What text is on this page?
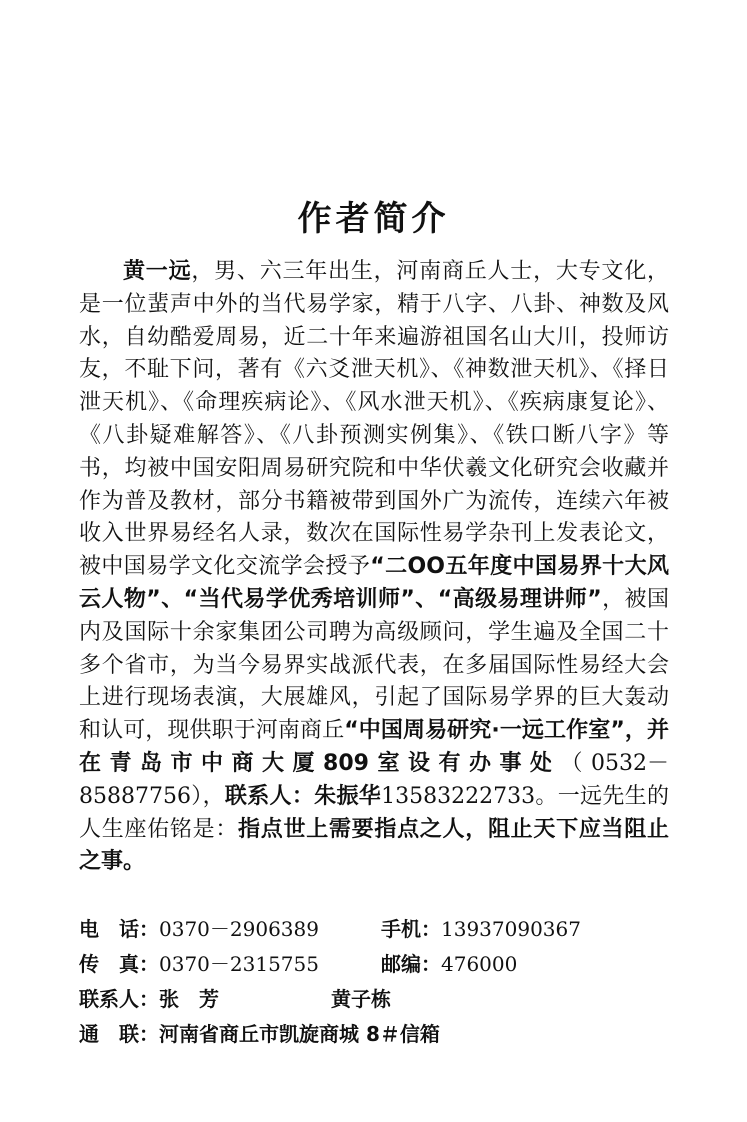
作者简介

黄一远，男、六三年出生，河南商丘人士，大专文化，是一位蜚声中外的当代易学家，精于八字、八卦、神数及风水，自幼酷爱周易，近二十年来遍游祖国名山大川，投师访友，不耻下问，著有《六爻泄天机》、《神数泄天机》、《择日泄天机》、《命理疾病论》、《风水泄天机》、《疾病康复论》、《八卦疑难解答》、《八卦预测实例集》、《铁口断八字》等书，均被中国安阳周易研究院和中华伏羲文化研究会收藏并作为普及教材，部分书籍被带到国外广为流传，连续六年被收入世界易经名人录，数次在国际性易学杂刊上发表论文，被中国易学文化交流学会授予“二OO五年度中国易界十大风云人物”、“当代易学优秀培训师”、“高级易理讲师”，被国内及国际十余家集团公司聘为高级顾问，学生遍及全国二十多个省市，为当今易界实战派代表，在多届国际性易经大会上进行现场表演，大展雄风，引起了国际易学界的巨大轰动和认可，现供职于河南商丘“中国周易研究·一远工作室”，并在青岛市中商大厦809室设有办事处（0532－85887756），联系人：朱振华13583222733。一远先生的人生座佑铭是：指点世上需要指点之人，阻止天下应当阻止之事。

电　话：0370－2906389	手机：13937090367
传　真：0370－2315755	邮编：476000
联系人：张　芳	黄子栋
通　联：河南省商丘市凯旋商城 8＃信箱
